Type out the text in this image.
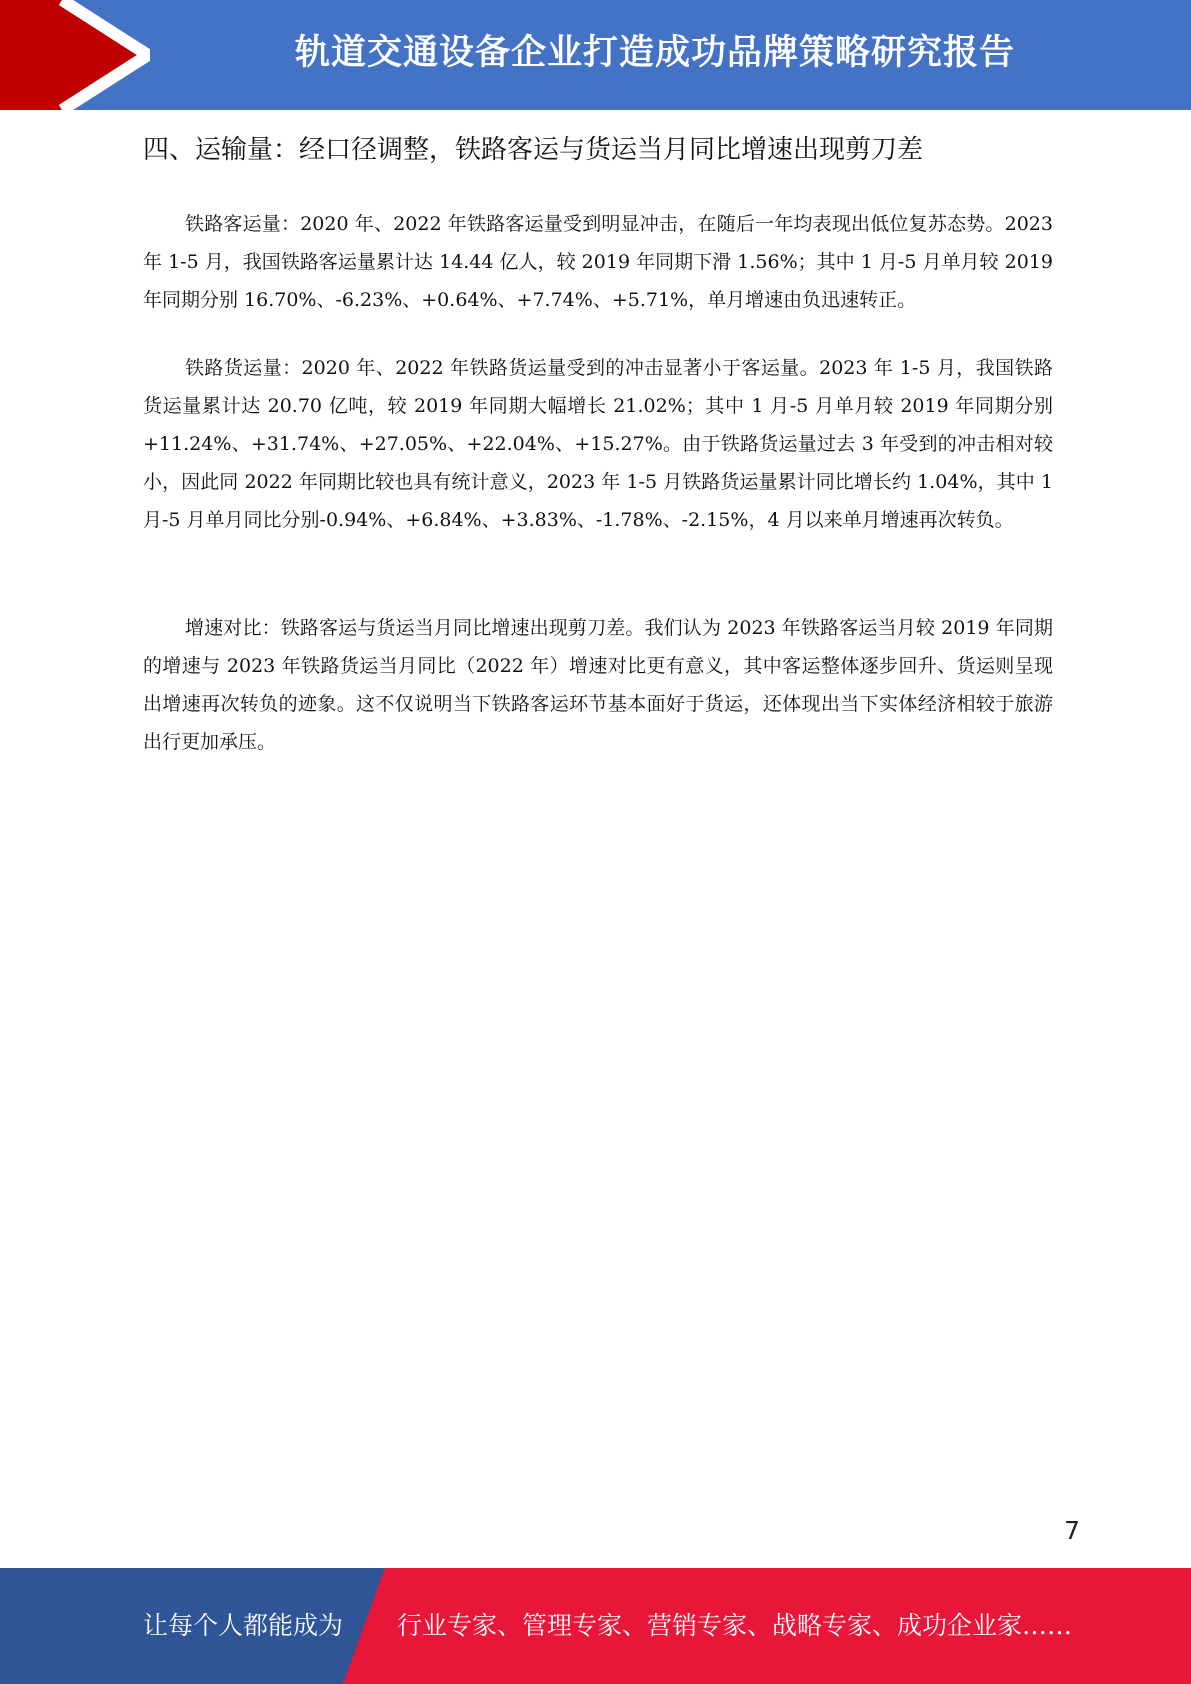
轨道交通设备企业打造成功品牌策略研究报告
四、运输量：经口径调整，铁路客运与货运当月同比增速出现剪刀差

铁路客运量：2020 年、2022 年铁路客运量受到明显冲击，在随后一年均表现出低位复苏态势。2023 年 1-5 月，我国铁路客运量累计达 14.44 亿人，较 2019 年同期下滑 1.56%；其中 1 月-5 月单月较 2019 年同期分别 16.70%、-6.23%、+0.64%、+7.74%、+5.71%，单月增速由负迅速转正。

铁路货运量：2020 年、2022 年铁路货运量受到的冲击显著小于客运量。2023 年 1-5 月，我国铁路货运量累计达 20.70 亿吨，较 2019 年同期大幅增长 21.02%；其中 1 月-5 月单月较 2019 年同期分别+11.24%、+31.74%、+27.05%、+22.04%、+15.27%。由于铁路货运量过去 3 年受到的冲击相对较小，因此同 2022 年同期比较也具有统计意义，2023 年 1-5 月铁路货运量累计同比增长约 1.04%，其中 1 月-5 月单月同比分别-0.94%、+6.84%、+3.83%、-1.78%、-2.15%，4 月以来单月增速再次转负。

增速对比：铁路客运与货运当月同比增速出现剪刀差。我们认为 2023 年铁路客运当月较 2019 年同期的增速与 2023 年铁路货运当月同比（2022 年）增速对比更有意义，其中客运整体逐步回升、货运则呈现出增速再次转负的迹象。这不仅说明当下铁路客运环节基本面好于货运，还体现出当下实体经济相较于旅游出行更加承压。

7
让每个人都能成为 行业专家、管理专家、营销专家、战略专家、成功企业家……
